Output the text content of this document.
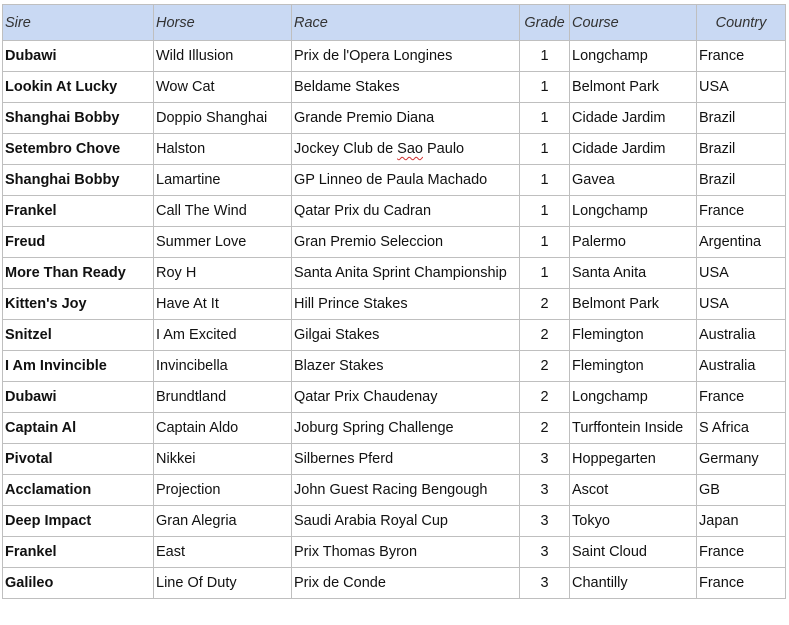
Sire	Horse	Race	Grade	Course	Country
Dubawi	Wild Illusion	Prix de l'Opera Longines	1	Longchamp	France
Lookin At Lucky	Wow Cat	Beldame Stakes	1	Belmont Park	USA
Shanghai Bobby	Doppio Shanghai	Grande Premio Diana	1	Cidade Jardim	Brazil
Setembro Chove	Halston	Jockey Club de Sao Paulo	1	Cidade Jardim	Brazil
Shanghai Bobby	Lamartine	GP Linneo de Paula Machado	1	Gavea	Brazil
Frankel	Call The Wind	Qatar Prix du Cadran	1	Longchamp	France
Freud	Summer Love	Gran Premio Seleccion	1	Palermo	Argentina
More Than Ready	Roy H	Santa Anita Sprint Championship	1	Santa Anita	USA
Kitten's Joy	Have At It	Hill Prince Stakes	2	Belmont Park	USA
Snitzel	I Am Excited	Gilgai Stakes	2	Flemington	Australia
I Am Invincible	Invincibella	Blazer Stakes	2	Flemington	Australia
Dubawi	Brundtland	Qatar Prix Chaudenay	2	Longchamp	France
Captain Al	Captain Aldo	Joburg Spring Challenge	2	Turffontein Inside	S Africa
Pivotal	Nikkei	Silbernes Pferd	3	Hoppegarten	Germany
Acclamation	Projection	John Guest Racing Bengough	3	Ascot	GB
Deep Impact	Gran Alegria	Saudi Arabia Royal Cup	3	Tokyo	Japan
Frankel	East	Prix Thomas Byron	3	Saint Cloud	France
Galileo	Line Of Duty	Prix de Conde	3	Chantilly	France
